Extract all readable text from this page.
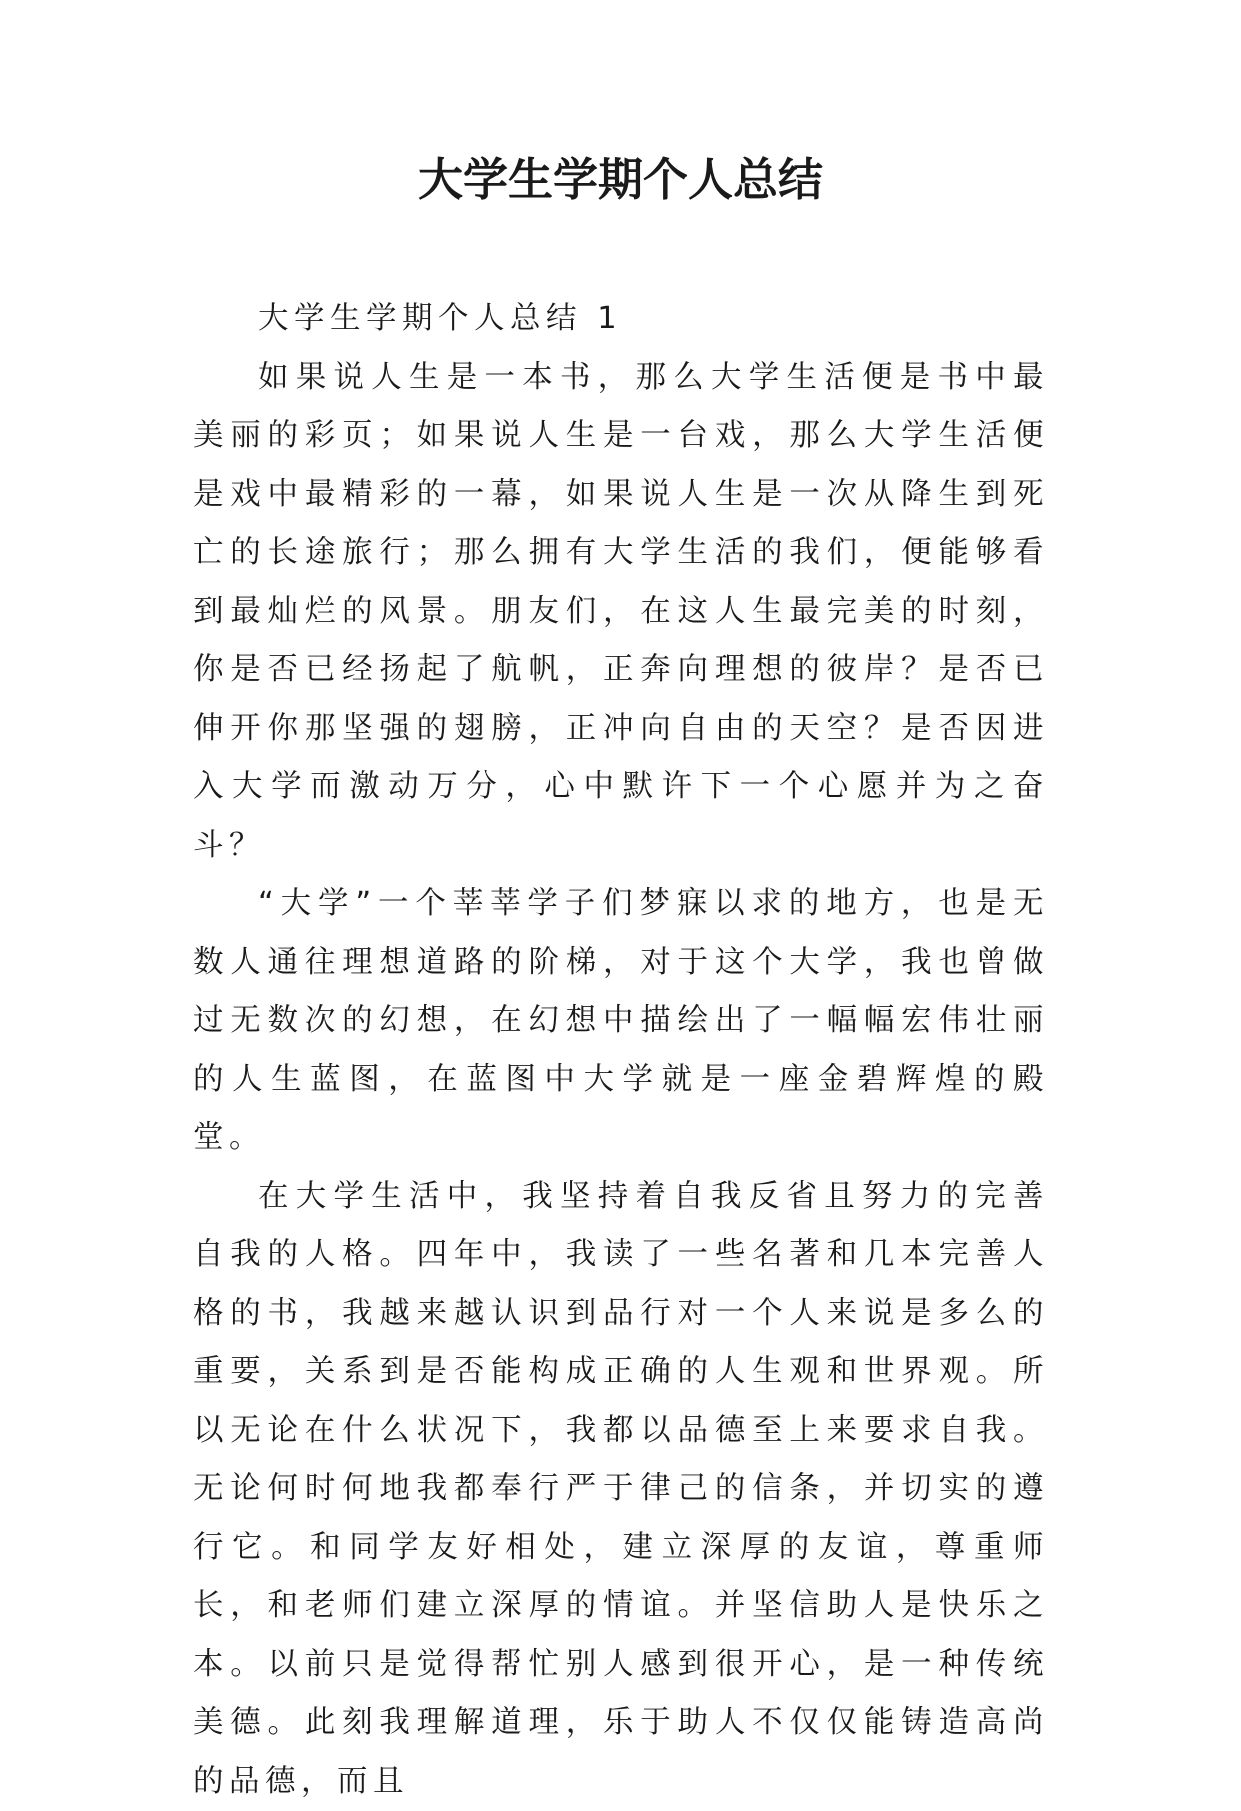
大学生学期个人总结

大学生学期个人总结 1

如果说人生是一本书，那么大学生活便是书中最美丽的彩页；如果说人生是一台戏，那么大学生活便是戏中最精彩的一幕，如果说人生是一次从降生到死亡的长途旅行；那么拥有大学生活的我们，便能够看到最灿烂的风景。朋友们，在这人生最完美的时刻，你是否已经扬起了航帆，正奔向理想的彼岸？是否已伸开你那坚强的翅膀，正冲向自由的天空？是否因进入大学而激动万分，心中默许下一个心愿并为之奋斗？

“大学”一个莘莘学子们梦寐以求的地方，也是无数人通往理想道路的阶梯，对于这个大学，我也曾做过无数次的幻想，在幻想中描绘出了一幅幅宏伟壮丽的人生蓝图，在蓝图中大学就是一座金碧辉煌的殿堂。

在大学生活中，我坚持着自我反省且努力的完善自我的人格。四年中，我读了一些名著和几本完善人格的书，我越来越认识到品行对一个人来说是多么的重要，关系到是否能构成正确的人生观和世界观。所以无论在什么状况下，我都以品德至上来要求自我。无论何时何地我都奉行严于律己的信条，并切实的遵行它。和同学友好相处，建立深厚的友谊，尊重师长，和老师们建立深厚的情谊。并坚信助人是快乐之本。以前只是觉得帮忙别人感到很开心，是一种传统美德。此刻我理解道理，乐于助人不仅仅能铸造高尚的品德，而且
